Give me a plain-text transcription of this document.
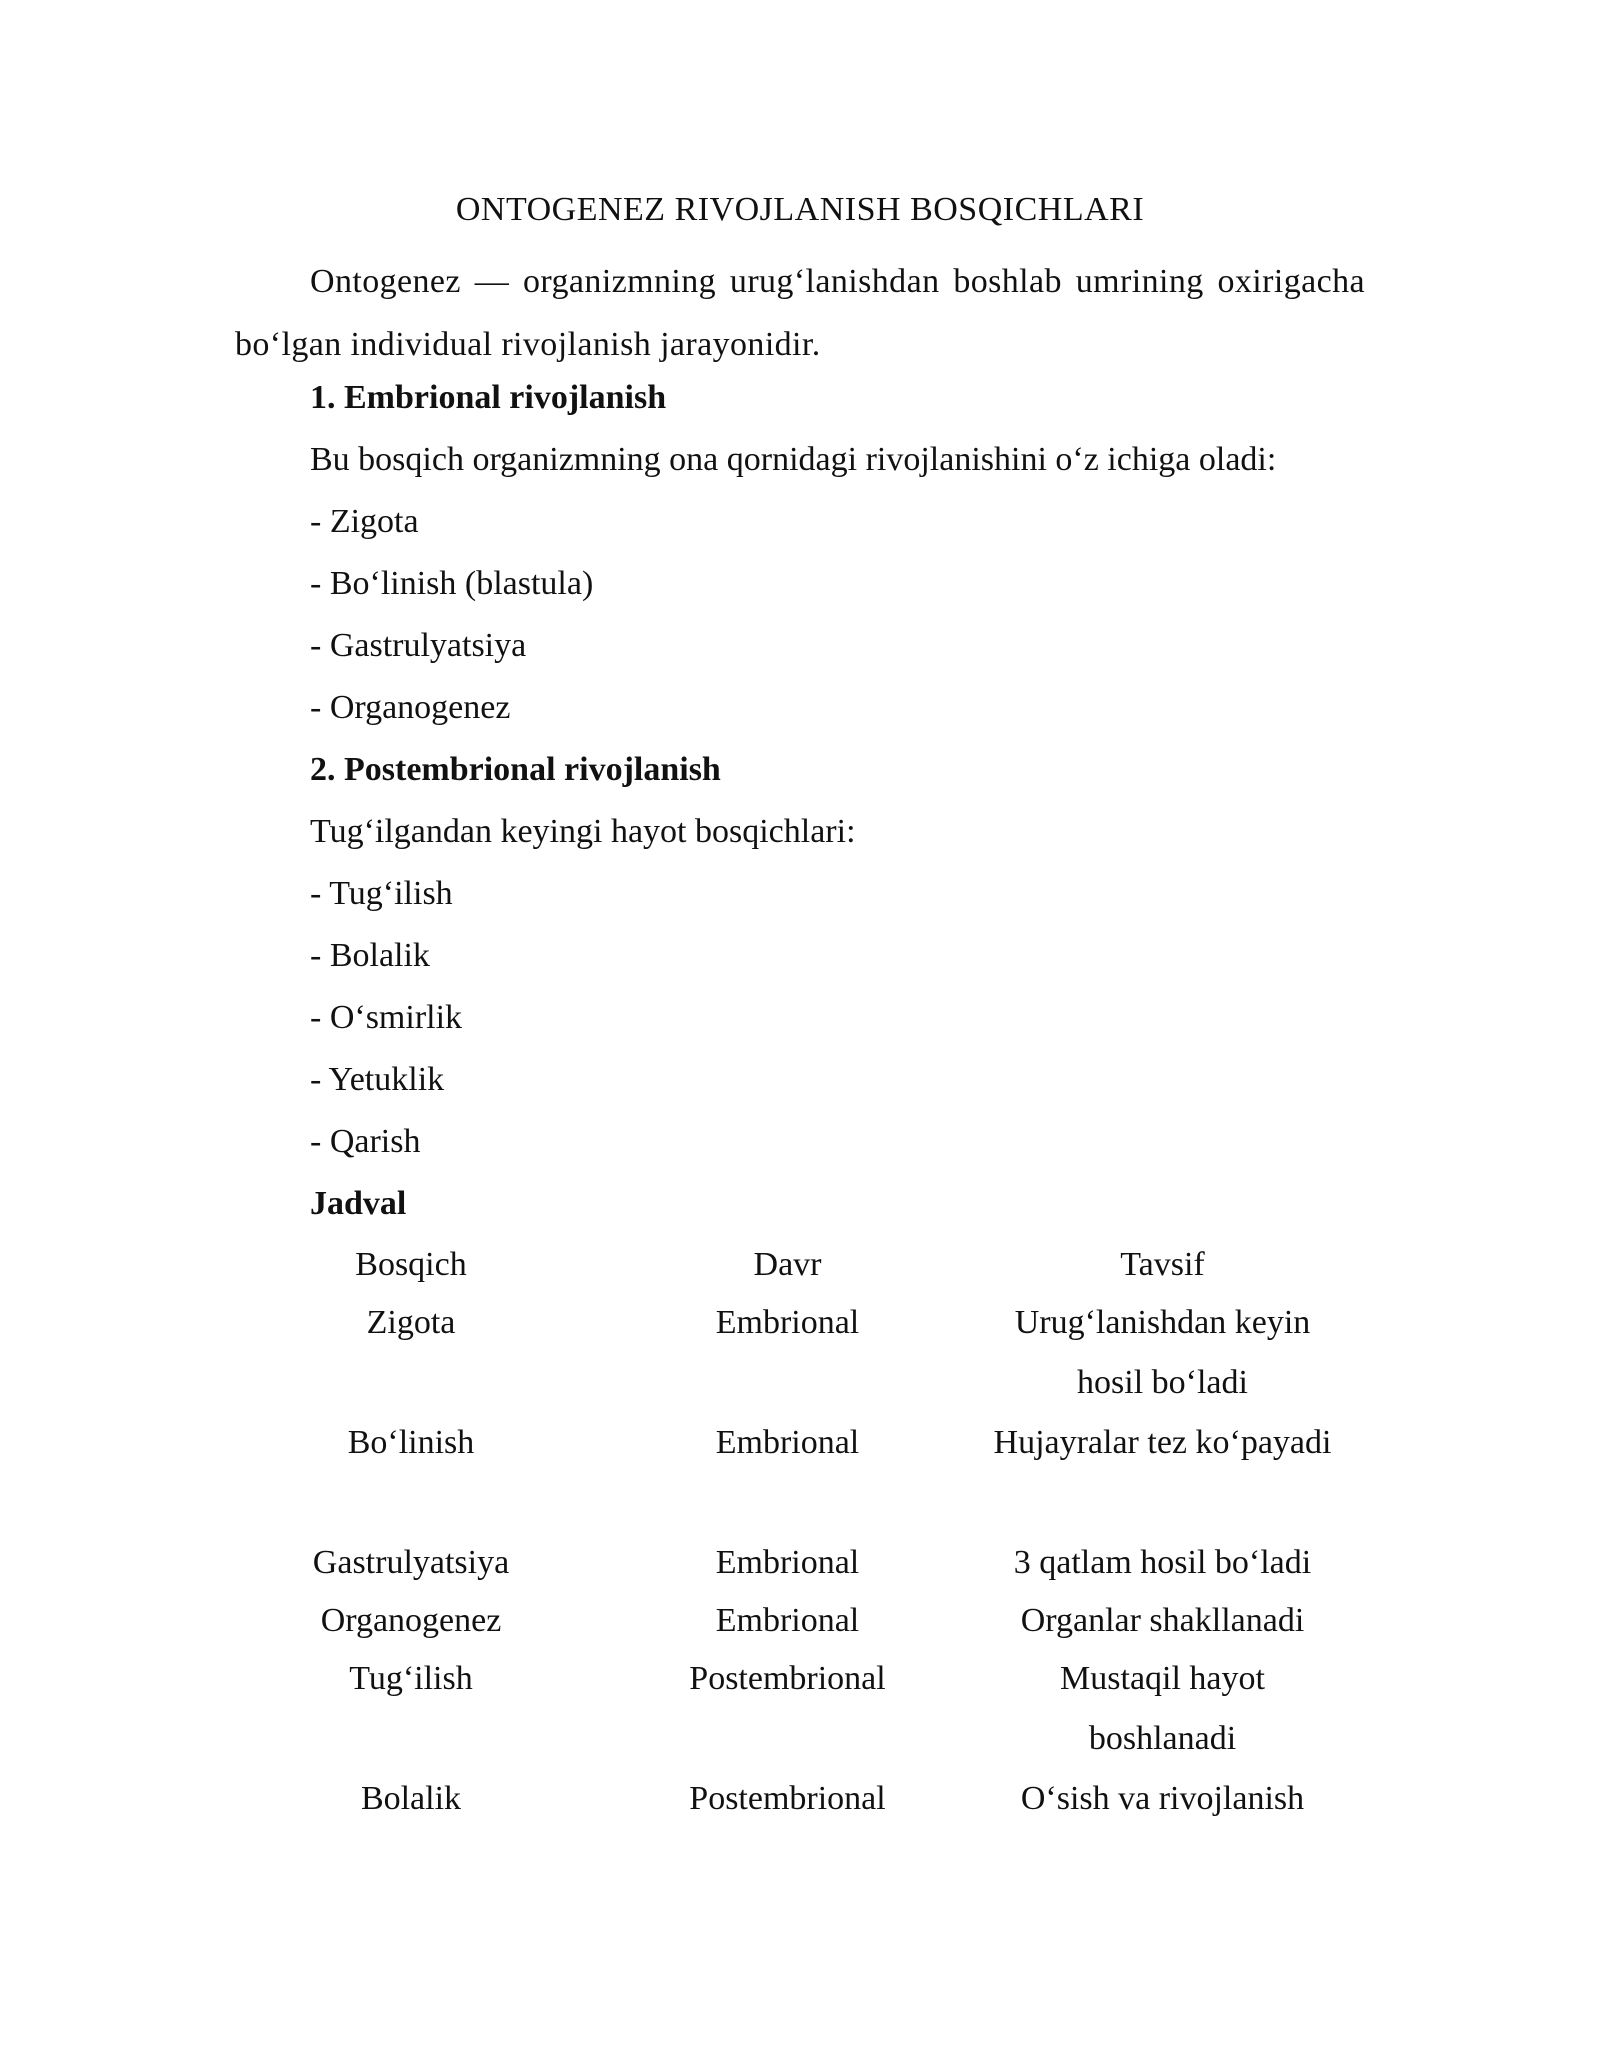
ONTOGENEZ RIVOJLANISH BOSQICHLARI
Ontogenez — organizmning urug‘lanishdan boshlab umrining oxirigacha bo‘lgan individual rivojlanish jarayonidir.
1. Embrional rivojlanish
Bu bosqich organizmning ona qornidagi rivojlanishini o‘z ichiga oladi:
- Zigota
- Bo‘linish (blastula)
- Gastrulyatsiya
- Organogenez
2. Postembrional rivojlanish
Tug‘ilgandan keyingi hayot bosqichlari:
- Tug‘ilish
- Bolalik
- O‘smirlik
- Yetuklik
- Qarish
Jadval
Bosqich	Davr	Tavsif
Zigota	Embrional	Urug‘lanishdan keyin hosil bo‘ladi
Bo‘linish	Embrional	Hujayralar tez ko‘payadi
Gastrulyatsiya	Embrional	3 qatlam hosil bo‘ladi
Organogenez	Embrional	Organlar shakllanadi
Tug‘ilish	Postembrional	Mustaqil hayot boshlanadi
Bolalik	Postembrional	O‘sish va rivojlanish
